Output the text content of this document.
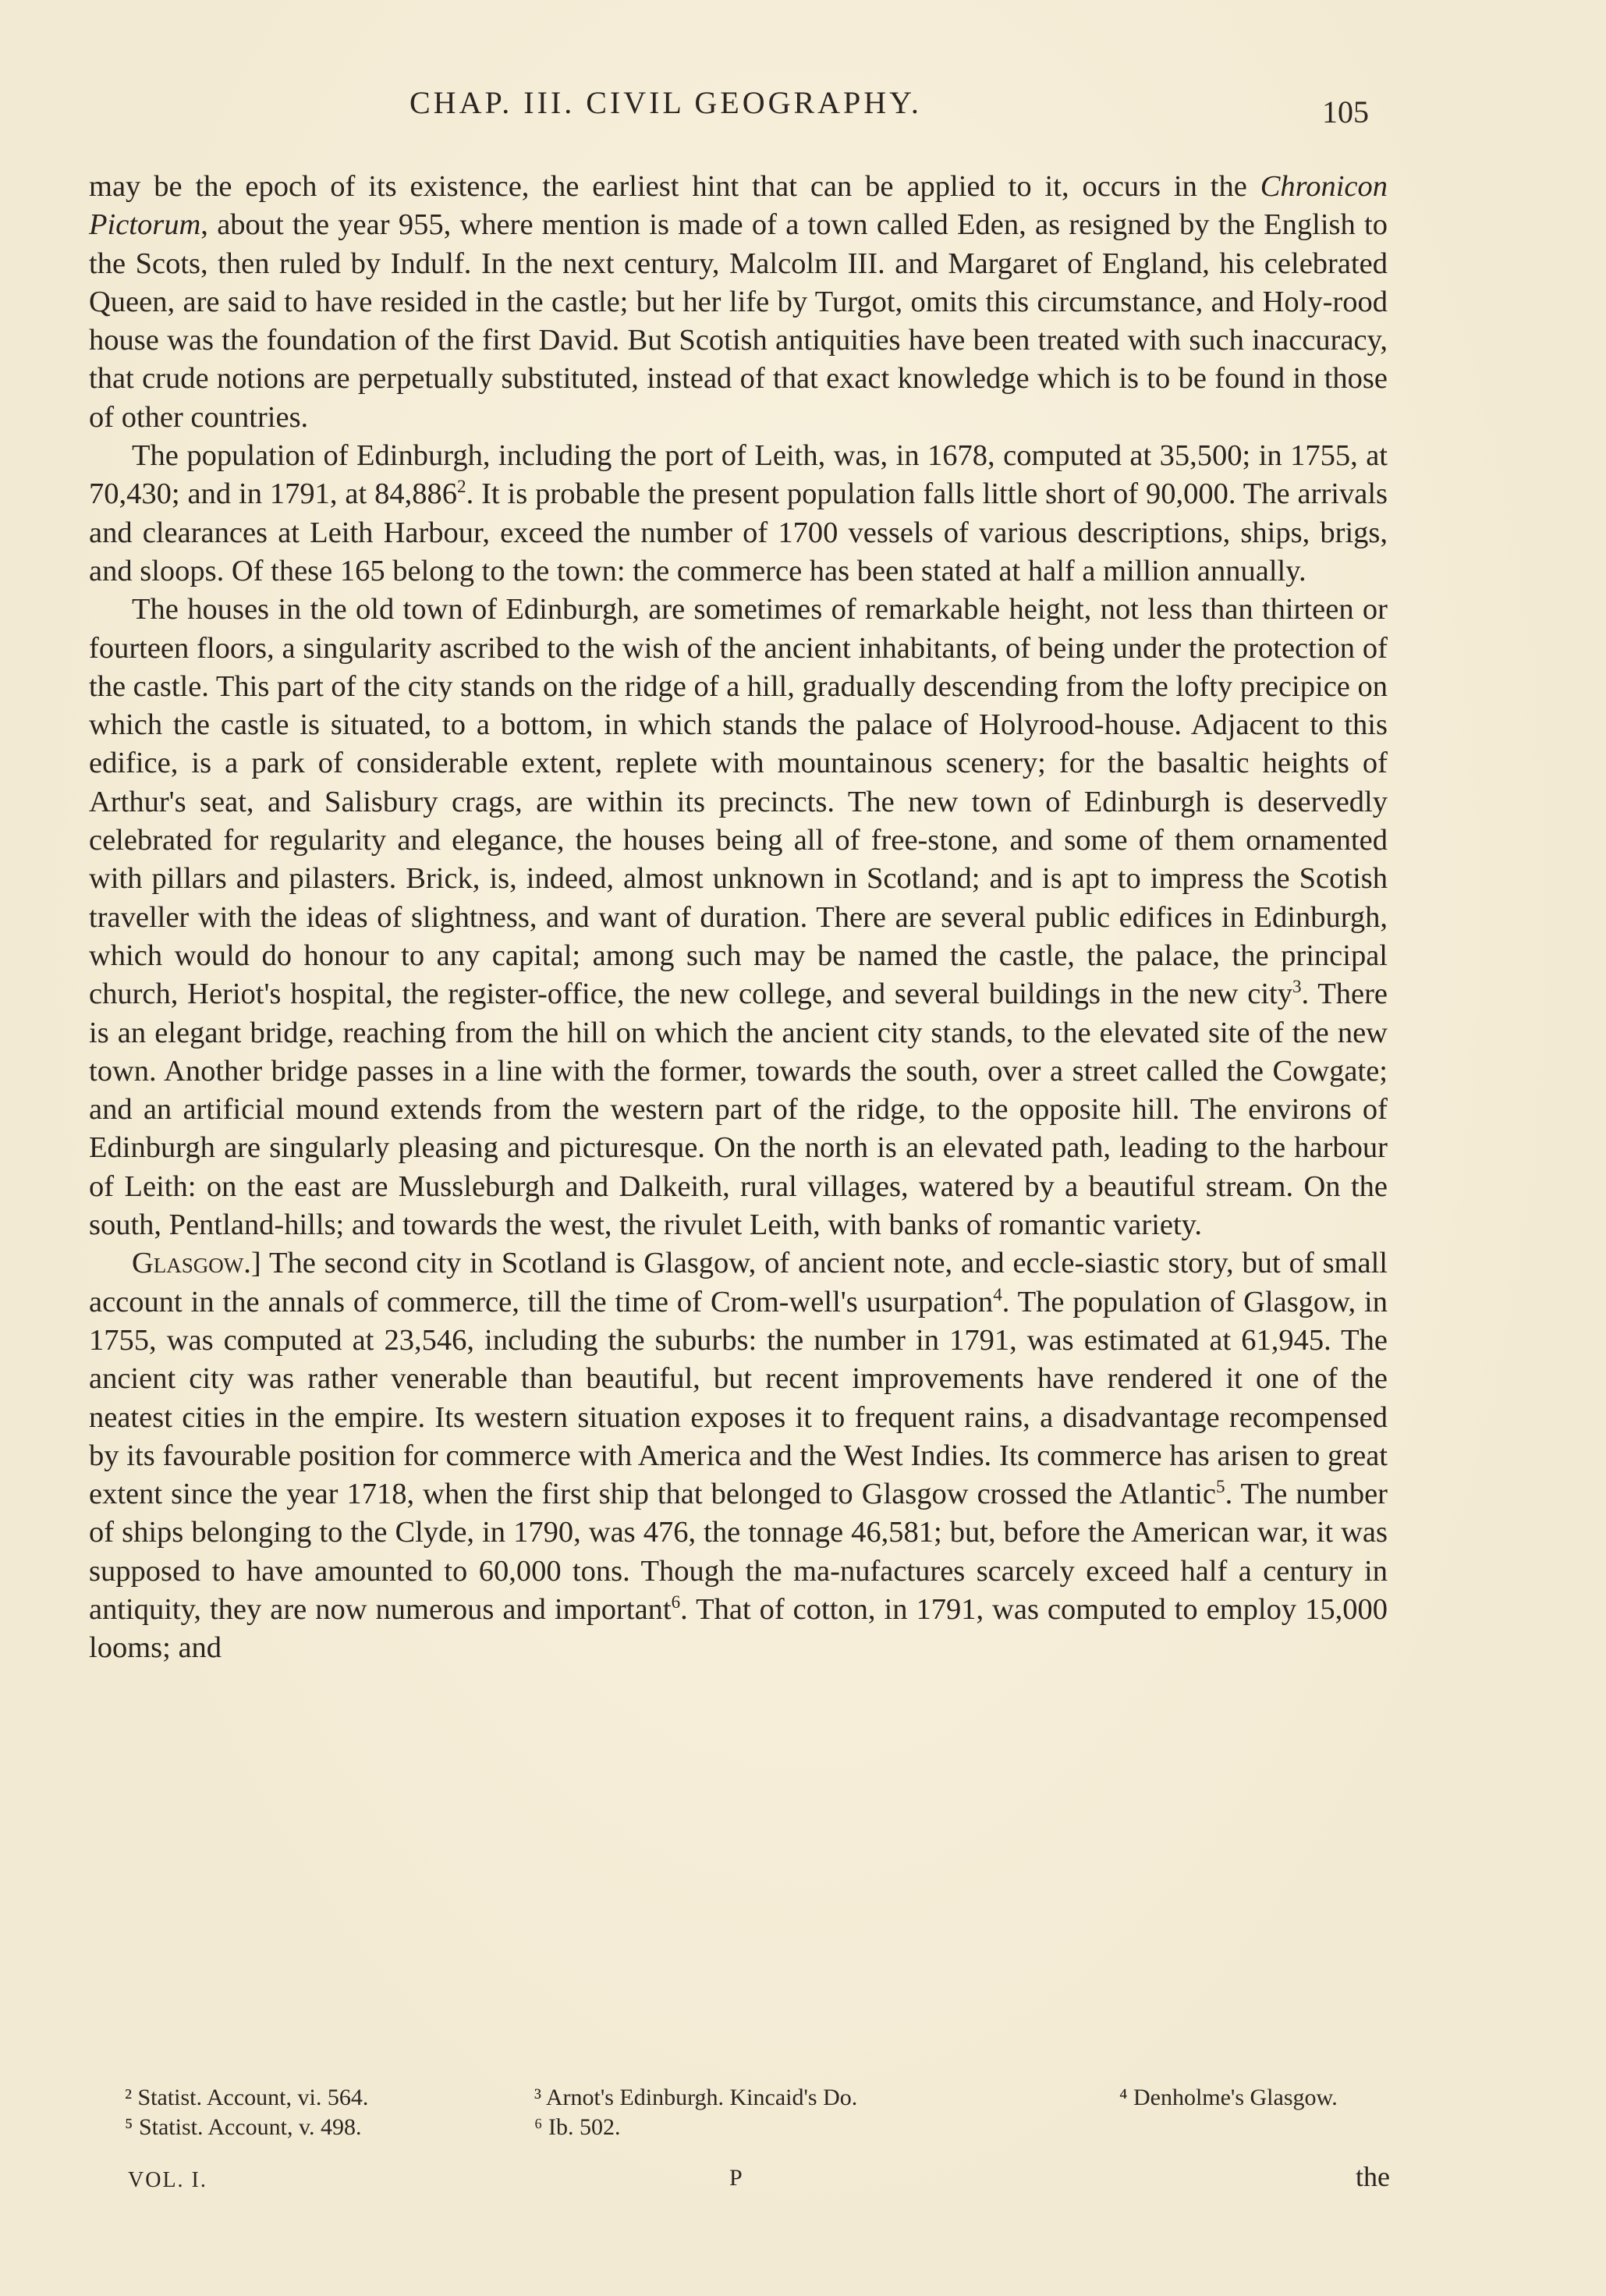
CHAP. III. CIVIL GEOGRAPHY.	105

may be the epoch of its existence, the earliest hint that can be applied to it, occurs in the Chronicon Pictorum, about the year 955, where mention is made of a town called Eden, as resigned by the English to the Scots, then ruled by Indulf. In the next century, Malcolm III. and Margaret of England, his celebrated Queen, are said to have resided in the castle; but her life by Turgot, omits this circumstance, and Holy-rood house was the foundation of the first David. But Scotish antiquities have been treated with such inaccuracy, that crude notions are perpetually substituted, instead of that exact knowledge which is to be found in those of other countries.

The population of Edinburgh, including the port of Leith, was, in 1678, computed at 35,500; in 1755, at 70,430; and in 1791, at 84,886$^2$. It is probable the present population falls little short of 90,000. The arrivals and clearances at Leith Harbour, exceed the number of 1700 vessels of various descriptions, ships, brigs, and sloops. Of these 165 belong to the town: the commerce has been stated at half a million annually.

The houses in the old town of Edinburgh, are sometimes of remarkable height, not less than thirteen or fourteen floors, a singularity ascribed to the wish of the ancient inhabitants, of being under the protection of the castle. This part of the city stands on the ridge of a hill, gradually descending from the lofty precipice on which the castle is situated, to a bottom, in which stands the palace of Holyrood-house. Adjacent to this edifice, is a park of considerable extent, replete with mountainous scenery; for the basaltic heights of Arthur's seat, and Salisbury crags, are within its precincts. The new town of Edinburgh is deservedly celebrated for regularity and elegance, the houses being all of free-stone, and some of them ornamented with pillars and pilasters. Brick, is, indeed, almost unknown in Scotland; and is apt to impress the Scotish traveller with the ideas of slightness, and want of duration. There are several public edifices in Edinburgh, which would do honour to any capital; among such may be named the castle, the palace, the principal church, Heriot's hospital, the register-office, the new college, and several buildings in the new city$^3$. There is an elegant bridge, reaching from the hill on which the ancient city stands, to the elevated site of the new town. Another bridge passes in a line with the former, towards the south, over a street called the Cowgate; and an artificial mound extends from the western part of the ridge, to the opposite hill. The environs of Edinburgh are singularly pleasing and picturesque. On the north is an elevated path, leading to the harbour of Leith: on the east are Mussleburgh and Dalkeith, rural villages, watered by a beautiful stream. On the south, Pentland-hills; and towards the west, the rivulet Leith, with banks of romantic variety.

Glasgow.] The second city in Scotland is Glasgow, of ancient note, and eccle-siastic story, but of small account in the annals of commerce, till the time of Crom-well's usurpation$^4$. The population of Glasgow, in 1755, was computed at 23,546, including the suburbs: the number in 1791, was estimated at 61,945. The ancient city was rather venerable than beautiful, but recent improvements have rendered it one of the neatest cities in the empire. Its western situation exposes it to frequent rains, a disadvantage recompensed by its favourable position for commerce with America and the West Indies. Its commerce has arisen to great extent since the year 1718, when the first ship that belonged to Glasgow crossed the Atlantic$^5$. The number of ships belonging to the Clyde, in 1790, was 476, the tonnage 46,581; but, before the American war, it was supposed to have amounted to 60,000 tons. Though the ma-nufactures scarcely exceed half a century in antiquity, they are now numerous and important$^6$. That of cotton, in 1791, was computed to employ 15,000 looms; and

² Statist. Account, vi. 564.	³ Arnot's Edinburgh. Kincaid's Do.	⁴ Denholme's Glasgow.
⁵ Statist. Account, v. 498.	⁶ Ib. 502.
VOL. I.	P	the
